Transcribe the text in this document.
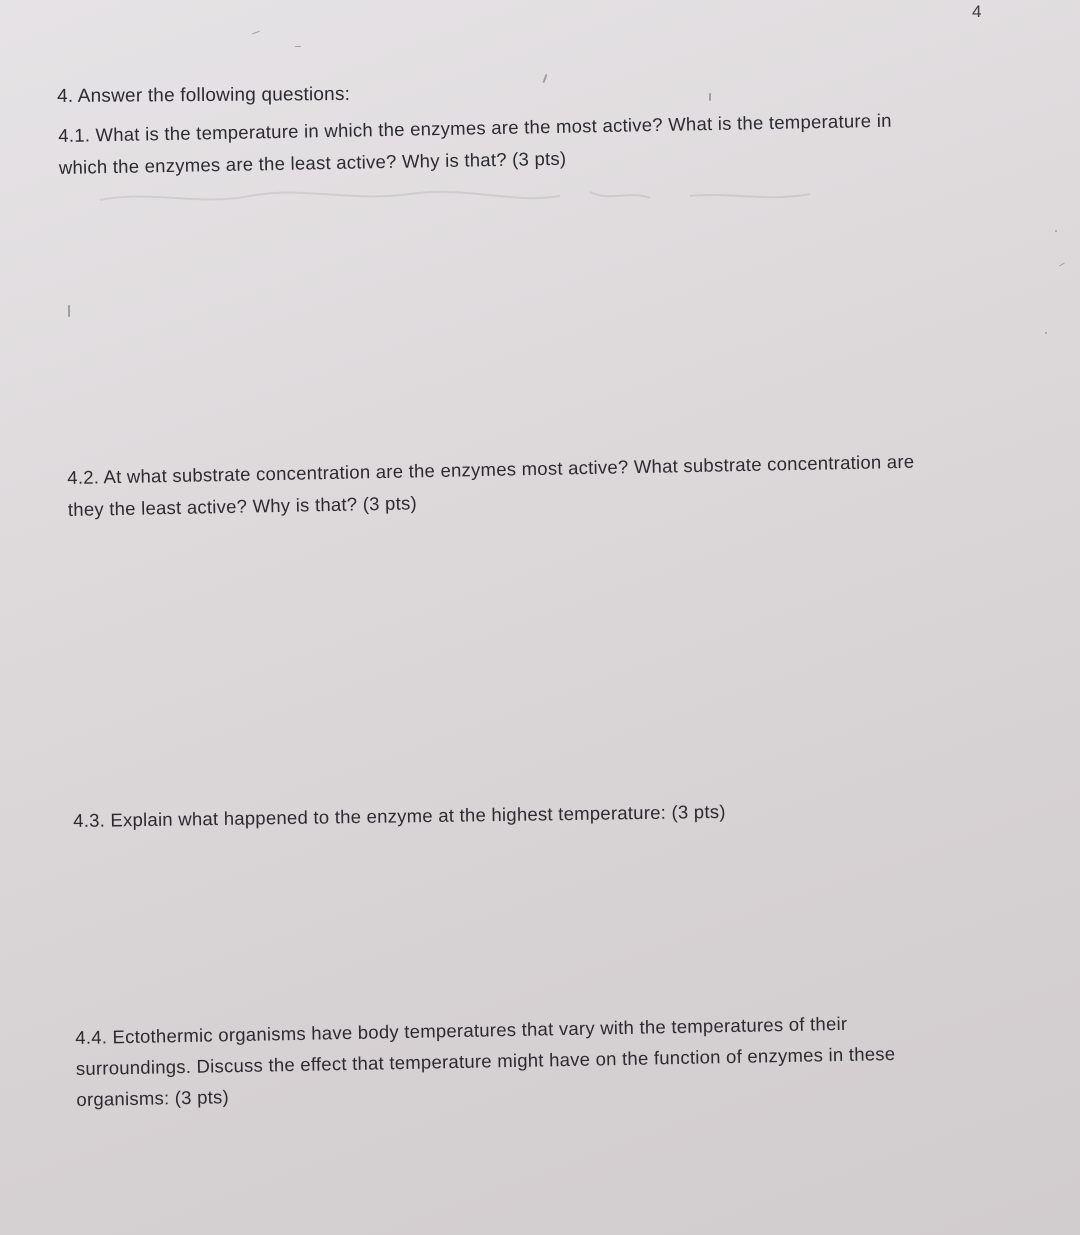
4
4. Answer the following questions:
4.1. What is the temperature in which the enzymes are the most active? What is the temperature in
which the enzymes are the least active? Why is that? (3 pts)
4.2. At what substrate concentration are the enzymes most active? What substrate concentration are
they the least active? Why is that? (3 pts)
4.3. Explain what happened to the enzyme at the highest temperature: (3 pts)
4.4. Ectothermic organisms have body temperatures that vary with the temperatures of their
surroundings. Discuss the effect that temperature might have on the function of enzymes in these
organisms: (3 pts)
